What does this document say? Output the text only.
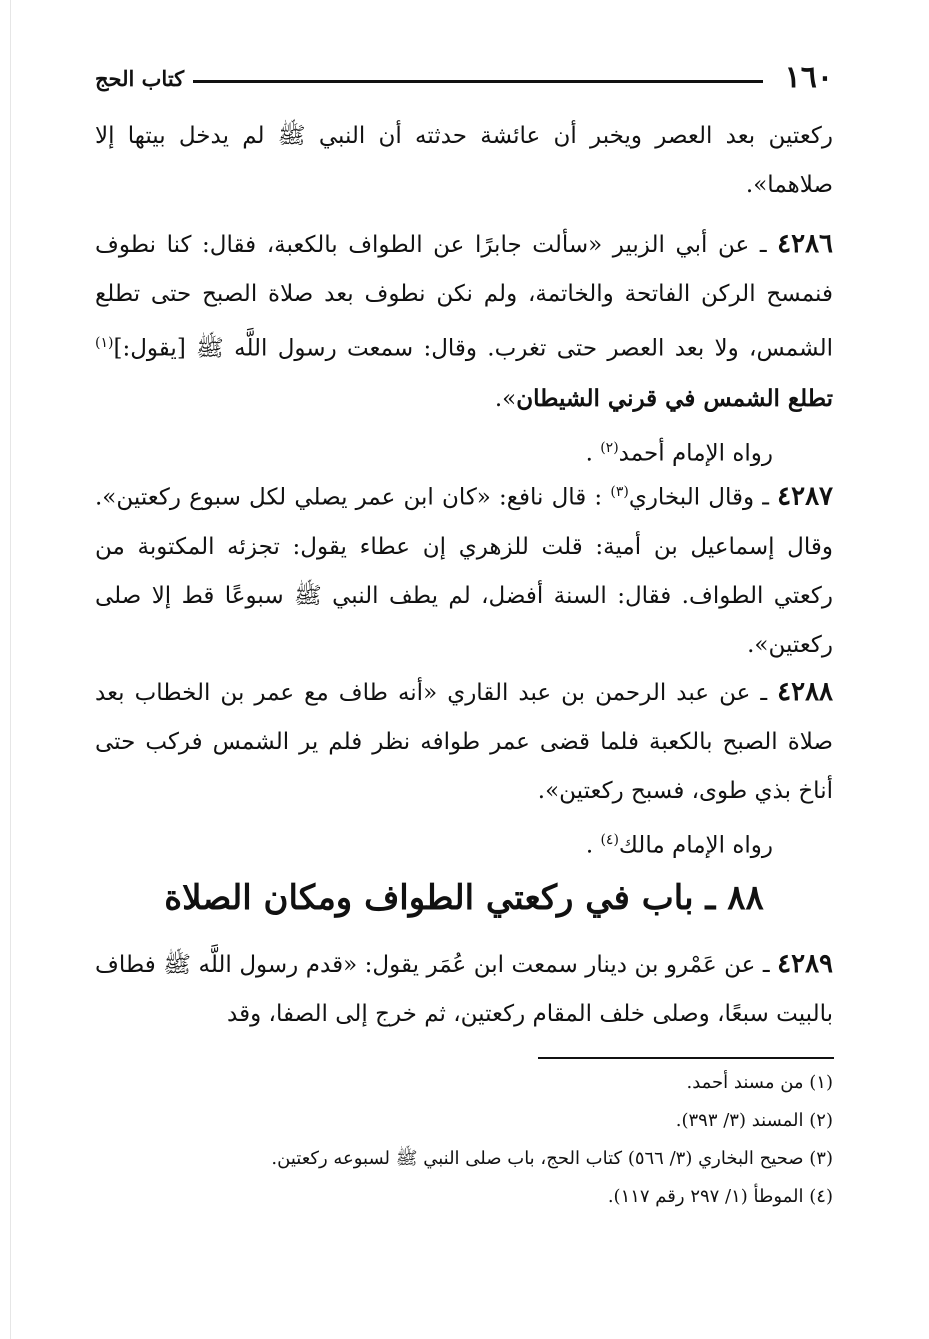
١٦٠
كتاب الحج

ركعتين بعد العصر ويخبر أن عائشة حدثته أن النبي ﷺ لم يدخل بيتها إلا صلاهما».

٤٢٨٦ ـ عن أبي الزبير «سألت جابرًا عن الطواف بالكعبة، فقال: كنا نطوف فنمسح الركن الفاتحة والخاتمة، ولم نكن نطوف بعد صلاة الصبح حتى تطلع الشمس، ولا بعد العصر حتى تغرب. وقال: سمعت رسول اللَّه ﷺ [يقول:]$^{(١)}$ تطلع الشمس في قرني الشيطان».

رواه الإمام أحمد$^{(٢)}$ .

٤٢٨٧ ـ وقال البخاري$^{(٣)}$ : قال نافع: «كان ابن عمر يصلي لكل سبوع ركعتين». وقال إسماعيل بن أمية: قلت للزهري إن عطاء يقول: تجزئه المكتوبة من ركعتي الطواف. فقال: السنة أفضل، لم يطف النبي ﷺ سبوعًا قط إلا صلى ركعتين».

٤٢٨٨ ـ عن عبد الرحمن بن عبد القاري «أنه طاف مع عمر بن الخطاب بعد صلاة الصبح بالكعبة فلما قضى عمر طوافه نظر فلم ير الشمس فركب حتى أناخ بذي طوى، فسبح ركعتين».

رواه الإمام مالك$^{(٤)}$ .

٨٨ ـ باب في ركعتي الطواف ومكان الصلاة

٤٢٨٩ ـ عن عَمْرو بن دينار سمعت ابن عُمَر يقول: «قدم رسول اللَّه ﷺ فطاف بالبيت سبعًا، وصلى خلف المقام ركعتين، ثم خرج إلى الصفا، وقد

(١) من مسند أحمد.

(٢) المسند (٣/ ٣٩٣).

(٣) صحيح البخاري (٣/ ٥٦٦) كتاب الحج، باب صلى النبي ﷺ لسبوعه ركعتين.

(٤) الموطأ (١/ ٢٩٧ رقم ١١٧).
